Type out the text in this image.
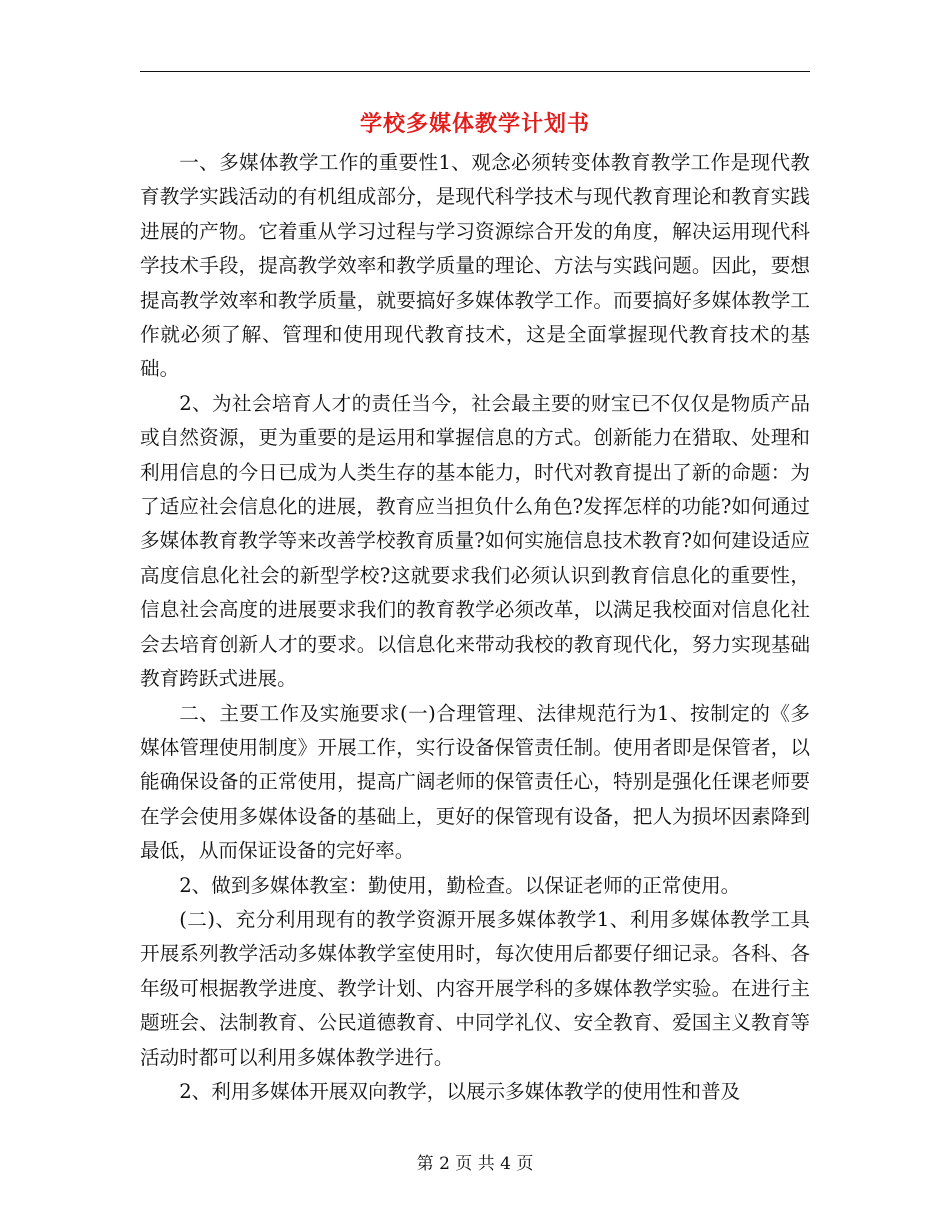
学校多媒体教学计划书

一、多媒体教学工作的重要性1、观念必须转变体教育教学工作是现代教育教学实践活动的有机组成部分，是现代科学技术与现代教育理论和教育实践进展的产物。它着重从学习过程与学习资源综合开发的角度，解决运用现代科学技术手段，提高教学效率和教学质量的理论、方法与实践问题。因此，要想提高教学效率和教学质量，就要搞好多媒体教学工作。而要搞好多媒体教学工作就必须了解、管理和使用现代教育技术，这是全面掌握现代教育技术的基础。

2、为社会培育人才的责任当今，社会最主要的财宝已不仅仅是物质产品或自然资源，更为重要的是运用和掌握信息的方式。创新能力在猎取、处理和利用信息的今日已成为人类生存的基本能力，时代对教育提出了新的命题：为了适应社会信息化的进展，教育应当担负什么角色?发挥怎样的功能?如何通过多媒体教育教学等来改善学校教育质量?如何实施信息技术教育?如何建设适应高度信息化社会的新型学校?这就要求我们必须认识到教育信息化的重要性，信息社会高度的进展要求我们的教育教学必须改革，以满足我校面对信息化社会去培育创新人才的要求。以信息化来带动我校的教育现代化，努力实现基础教育跨跃式进展。

二、主要工作及实施要求(一)合理管理、法律规范行为1、按制定的《多媒体管理使用制度》开展工作，实行设备保管责任制。使用者即是保管者，以能确保设备的正常使用，提高广阔老师的保管责任心，特别是强化任课老师要在学会使用多媒体设备的基础上，更好的保管现有设备，把人为损坏因素降到最低，从而保证设备的完好率。

2、做到多媒体教室：勤使用，勤检查。以保证老师的正常使用。

(二)、充分利用现有的教学资源开展多媒体教学1、利用多媒体教学工具开展系列教学活动多媒体教学室使用时，每次使用后都要仔细记录。各科、各年级可根据教学进度、教学计划、内容开展学科的多媒体教学实验。在进行主题班会、法制教育、公民道德教育、中同学礼仪、安全教育、爱国主义教育等活动时都可以利用多媒体教学进行。

2、利用多媒体开展双向教学，以展示多媒体教学的使用性和普及

第 2 页 共 4 页
